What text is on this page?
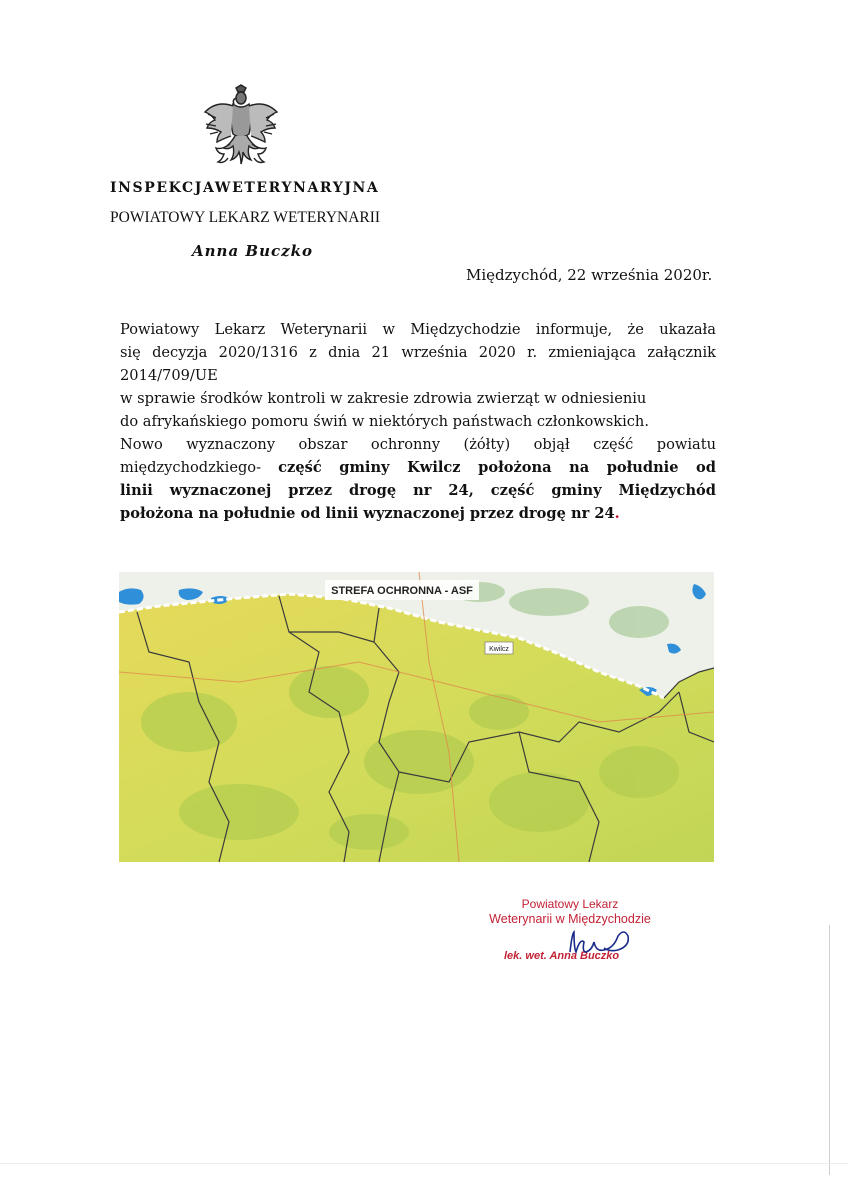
INSPEKCJAWETERYNARYJNA
POWIATOWY LEKARZ WETERYNARII
Anna Buczko
Międzychód, 22 września 2020r.

Powiatowy Lekarz Weterynarii w Międzychodzie informuje, że ukazała

się decyzja 2020/1316 z dnia 21 września 2020 r. zmieniająca załącznik

2014/709/UE

w sprawie środków kontroli w zakresie zdrowia zwierząt w odniesieniu

do afrykańskiego pomoru świń w niektórych państwach członkowskich.

Nowo wyznaczony obszar ochronny (żółty) objął część powiatu

międzychodzkiego- część gminy Kwilcz położona na południe od

linii wyznaczonej przez drogę nr 24, część gminy Międzychód

położona na południe od linii wyznaczonej przez drogę nr 24.

STREFA OCHRONNA - ASF
Kwilcz
Powiatowy Lekarz
Weterynarii w Międzychodzie
lek. wet. Anna Buczko
